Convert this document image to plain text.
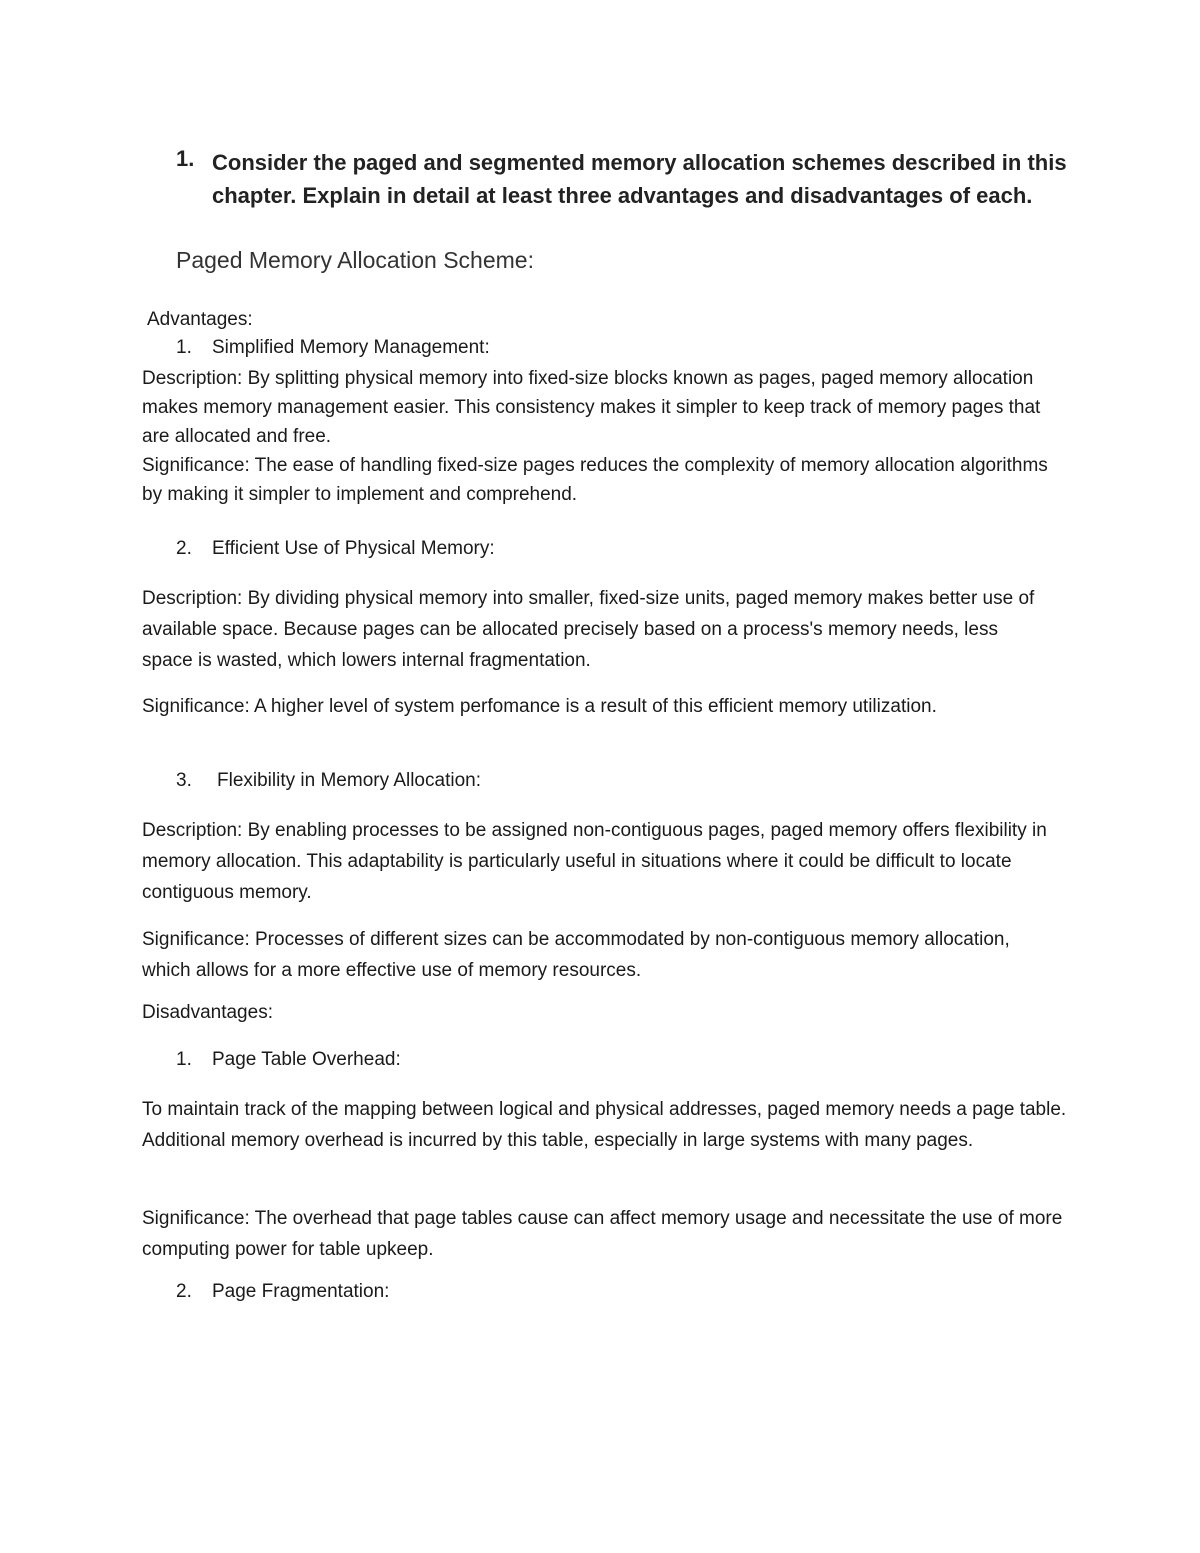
1. Consider the paged and segmented memory allocation schemes described in this chapter. Explain in detail at least three advantages and disadvantages of each.
Paged Memory Allocation Scheme:
Advantages:
1. Simplified Memory Management:
Description: By splitting physical memory into fixed-size blocks known as pages, paged memory allocation makes memory management easier. This consistency makes it simpler to keep track of memory pages that are allocated and free.
Significance: The ease of handling fixed-size pages reduces the complexity of memory allocation algorithms by making it simpler to implement and comprehend.
2. Efficient Use of Physical Memory:
Description: By dividing physical memory into smaller, fixed-size units, paged memory makes better use of available space. Because pages can be allocated precisely based on a process's memory needs, less space is wasted, which lowers internal fragmentation.
Significance: A higher level of system perfomance is a result of this efficient memory utilization.
3. Flexibility in Memory Allocation:
Description: By enabling processes to be assigned non-contiguous pages, paged memory offers flexibility in memory allocation. This adaptability is particularly useful in situations where it could be difficult to locate contiguous memory.
Significance: Processes of different sizes can be accommodated by non-contiguous memory allocation, which allows for a more effective use of memory resources.
Disadvantages:
1. Page Table Overhead:
To maintain track of the mapping between logical and physical addresses, paged memory needs a page table. Additional memory overhead is incurred by this table, especially in large systems with many pages.
Significance: The overhead that page tables cause can affect memory usage and necessitate the use of more computing power for table upkeep.
2. Page Fragmentation:
